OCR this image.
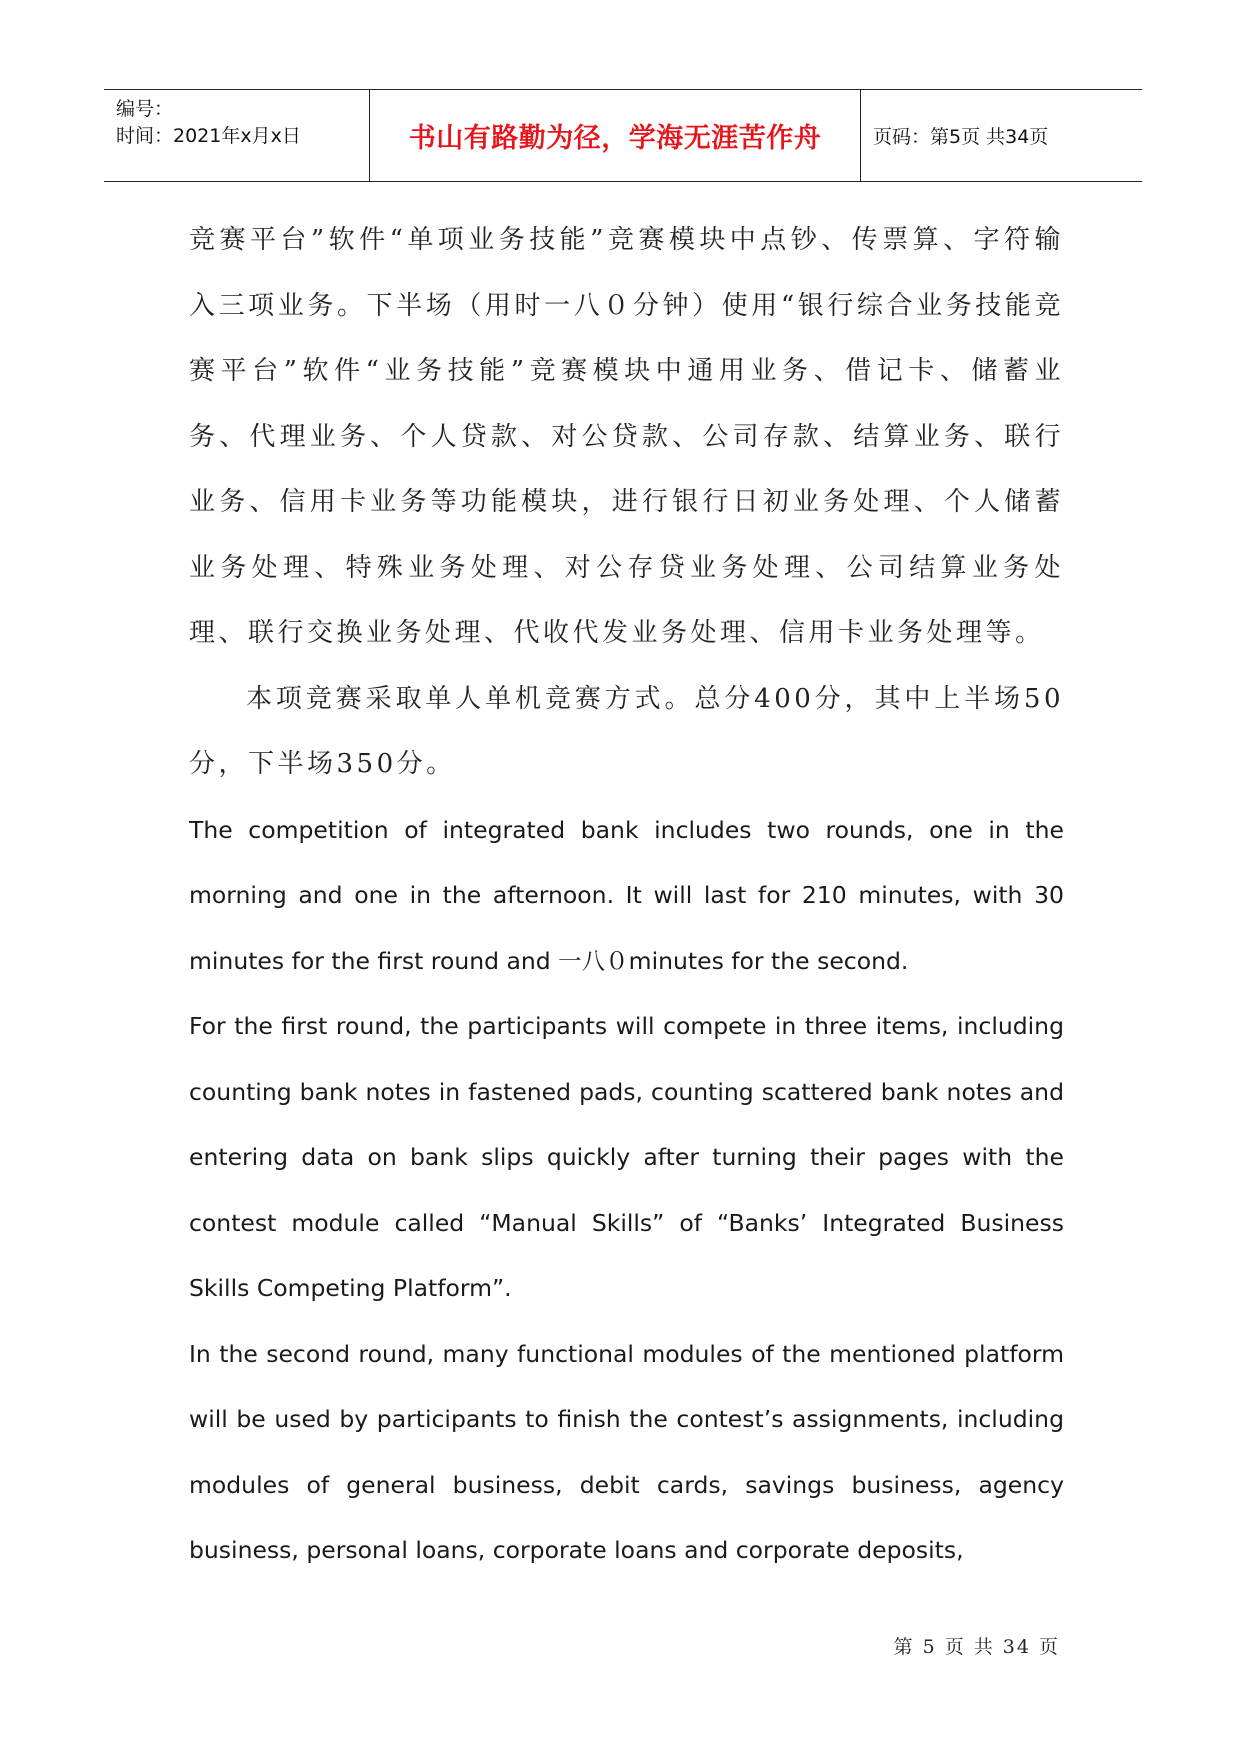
编号：
时间：2021年x月x日	书山有路勤为径，学海无涯苦作舟	页码：第5页 共34页

竞赛平台”软件“单项业务技能”竞赛模块中点钞、传票算、字符输入三项业务。下半场（用时一八０分钟）使用“银行综合业务技能竞赛平台”软件“业务技能”竞赛模块中通用业务、借记卡、储蓄业务、代理业务、个人贷款、对公贷款、公司存款、结算业务、联行业务、信用卡业务等功能模块，进行银行日初业务处理、个人储蓄业务处理、特殊业务处理、对公存贷业务处理、公司结算业务处理、联行交换业务处理、代收代发业务处理、信用卡业务处理等。

本项竞赛采取单人单机竞赛方式。总分400分，其中上半场50分，下半场350分。

The competition of integrated bank includes two rounds, one in the morning and one in the afternoon. It will last for 210 minutes, with 30 minutes for the first round and 一八０minutes for the second.

For the first round, the participants will compete in three items, including counting bank notes in fastened pads, counting scattered bank notes and entering data on bank slips quickly after turning their pages with the contest module called “Manual Skills” of “Banks’ Integrated Business Skills Competing Platform”.

In the second round, many functional modules of the mentioned platform will be used by participants to finish the contest’s assignments, including modules of general business, debit cards, savings business, agency business, personal loans, corporate loans and corporate deposits,

第 5 页 共 34 页
